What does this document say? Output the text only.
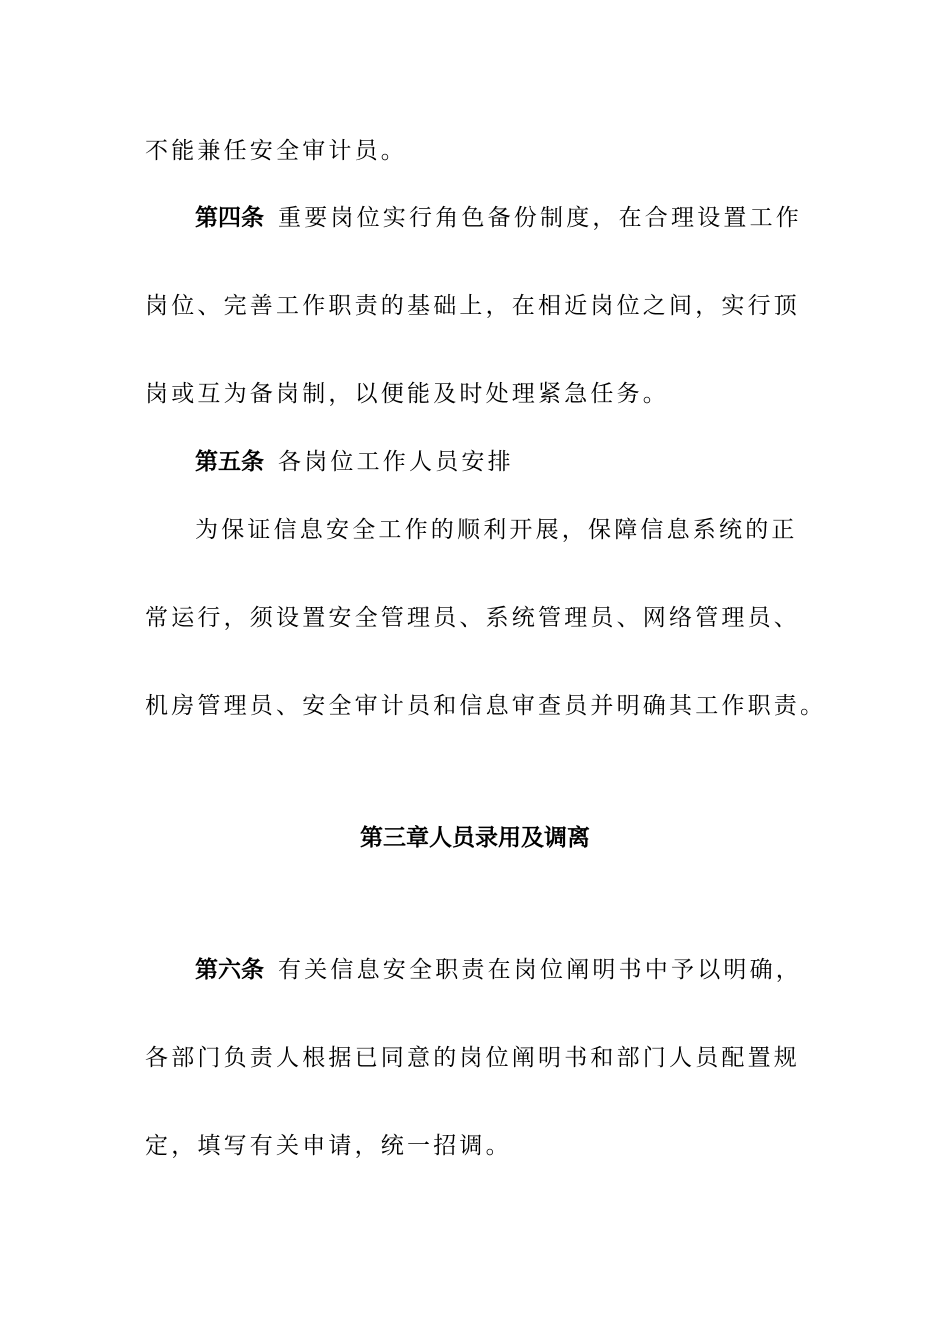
不能兼任安全审计员。
第四条 重要岗位实行角色备份制度，在合理设置工作
岗位、完善工作职责的基础上，在相近岗位之间，实行顶
岗或互为备岗制，以便能及时处理紧急任务。
第五条 各岗位工作人员安排
为保证信息安全工作的顺利开展，保障信息系统的正
常运行，须设置安全管理员、系统管理员、网络管理员、
机房管理员、安全审计员和信息审查员并明确其工作职责。
第三章人员录用及调离
第六条 有关信息安全职责在岗位阐明书中予以明确，
各部门负责人根据已同意的岗位阐明书和部门人员配置规
定，填写有关申请，统一招调。
